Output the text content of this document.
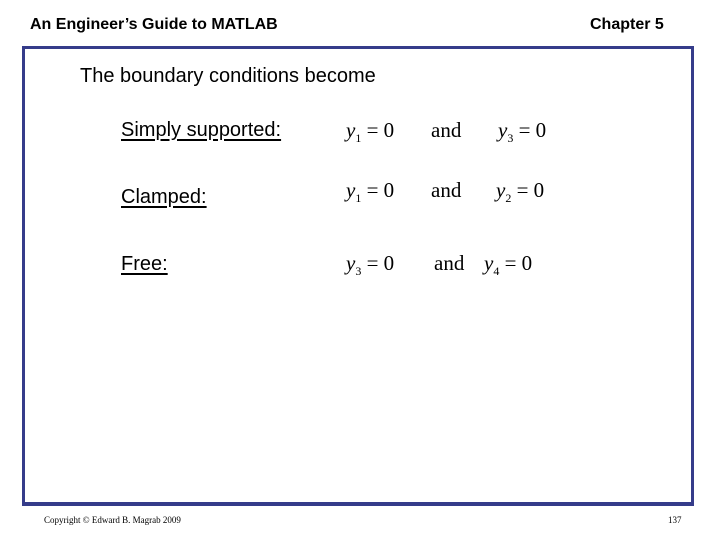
An Engineer’s Guide to MATLAB	Chapter 5
The boundary conditions become
Simply supported:	$y_1 = 0$ and $y_3 = 0$
Clamped:	$y_1 = 0$ and $y_2 = 0$
Free:	$y_3 = 0$ and $y_4 = 0$
Copyright © Edward B. Magrab 2009	137
